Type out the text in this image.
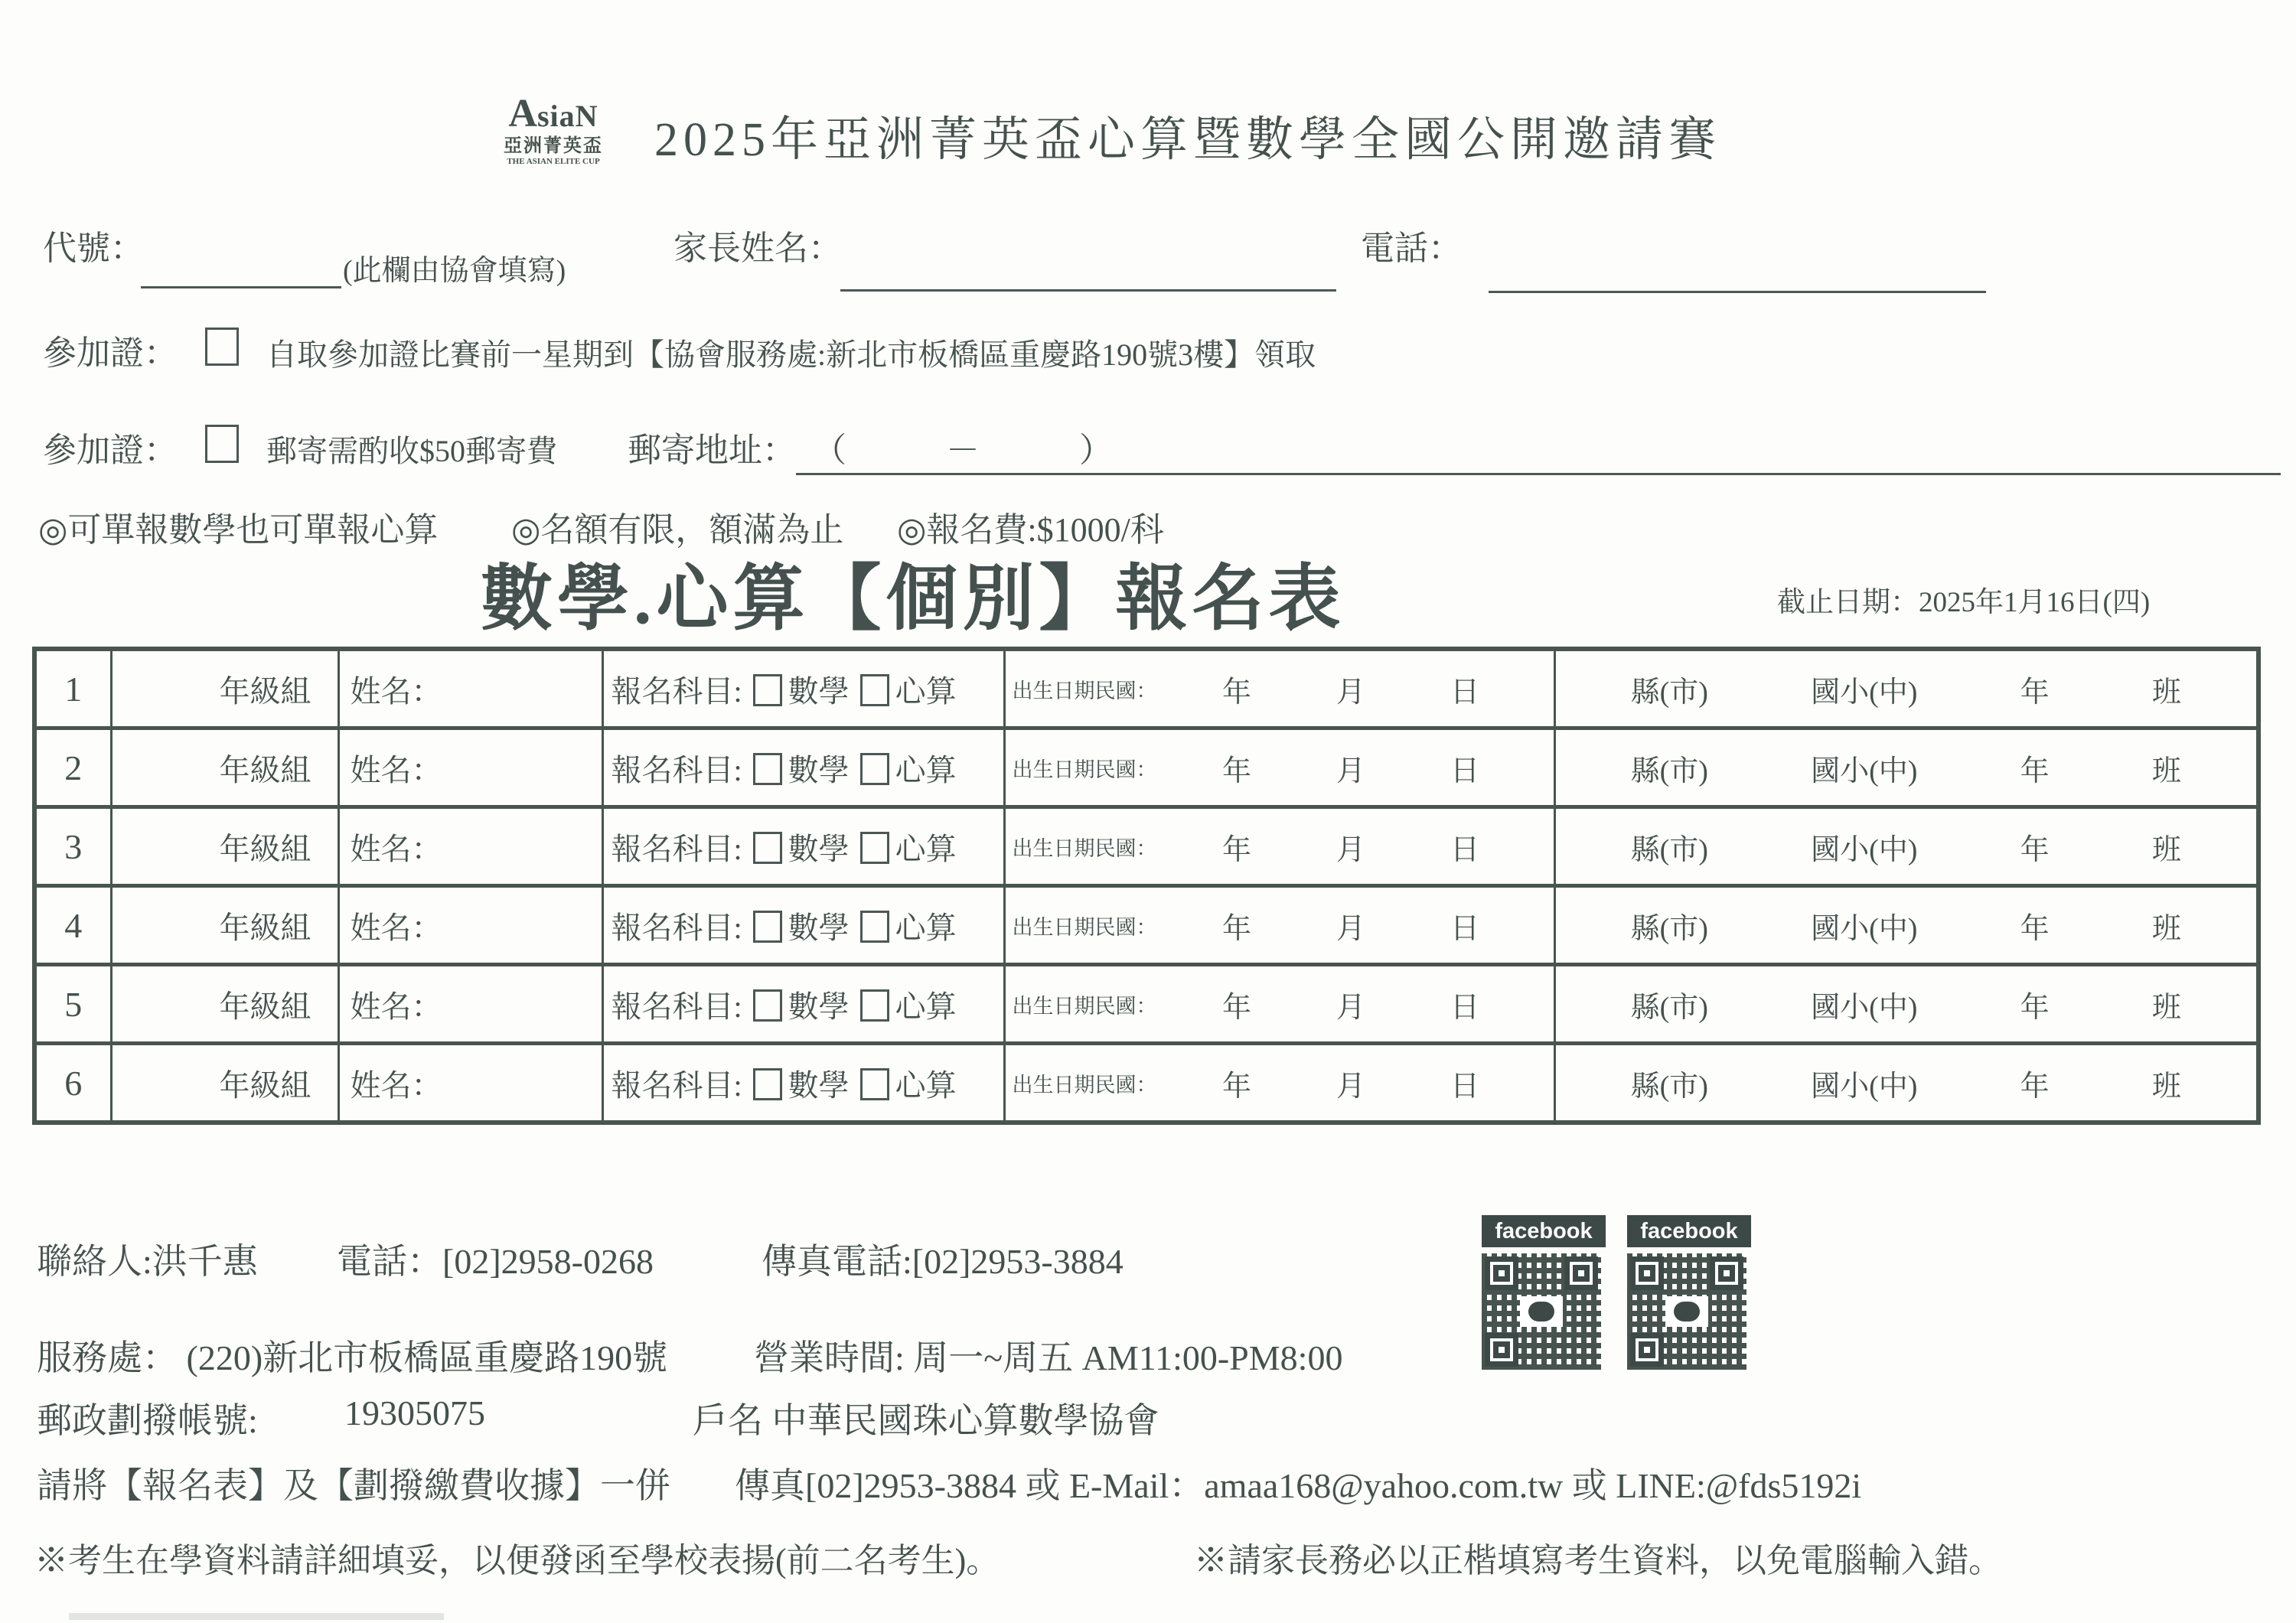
AsiaN
亞洲菁英盃
THE ASIAN ELITE CUP 2025年亞洲菁英盃心算暨數學全國公開邀請賽
代號：
(此欄由協會填寫)
家長姓名：	電話：
參加證：	自取參加證比賽前一星期到【協會服務處:新北市板橋區重慶路190號3樓】領取
參加證：	郵寄需酌收$50郵寄費 郵寄地址： （　　－　　）
◎可單報數學也可單報心算 ◎名額有限，額滿為止 ◎報名費:$1000/科
數學.心算【個別】報名表	截止日期：2025年1月16日(四)
1	年級組	姓名：	報名科目: 數學 心算	出生日期民國： 年 月 日	縣(市) 國小(中) 年 班

2	年級組	姓名：	報名科目: 數學 心算	出生日期民國： 年 月 日	縣(市) 國小(中) 年 班

3	年級組	姓名：	報名科目: 數學 心算	出生日期民國： 年 月 日	縣(市) 國小(中) 年 班

4	年級組	姓名：	報名科目: 數學 心算	出生日期民國： 年 月 日	縣(市) 國小(中) 年 班

5	年級組	姓名：	報名科目: 數學 心算	出生日期民國： 年 月 日	縣(市) 國小(中) 年 班

6	年級組	姓名：	報名科目: 數學 心算	出生日期民國： 年 月 日	縣(市) 國小(中) 年 班
聯絡人:洪千惠 電話：[02]2958-0268	傳真電話:[02]2953-3884
服務處： (220)新北市板橋區重慶路190號 營業時間: 周一~周五 AM11:00-PM8:00
郵政劃撥帳號: 19305075	戶名 中華民國珠心算數學協會
請將【報名表】及【劃撥繳費收據】一併 傳真[02]2953-3884 或 E-Mail：amaa168@yahoo.com.tw 或 LINE:@fds5192i
※考生在學資料請詳細填妥，以便發函至學校表揚(前二名考生)。	※請家長務必以正楷填寫考生資料，以免電腦輸入錯。
facebook	facebook
